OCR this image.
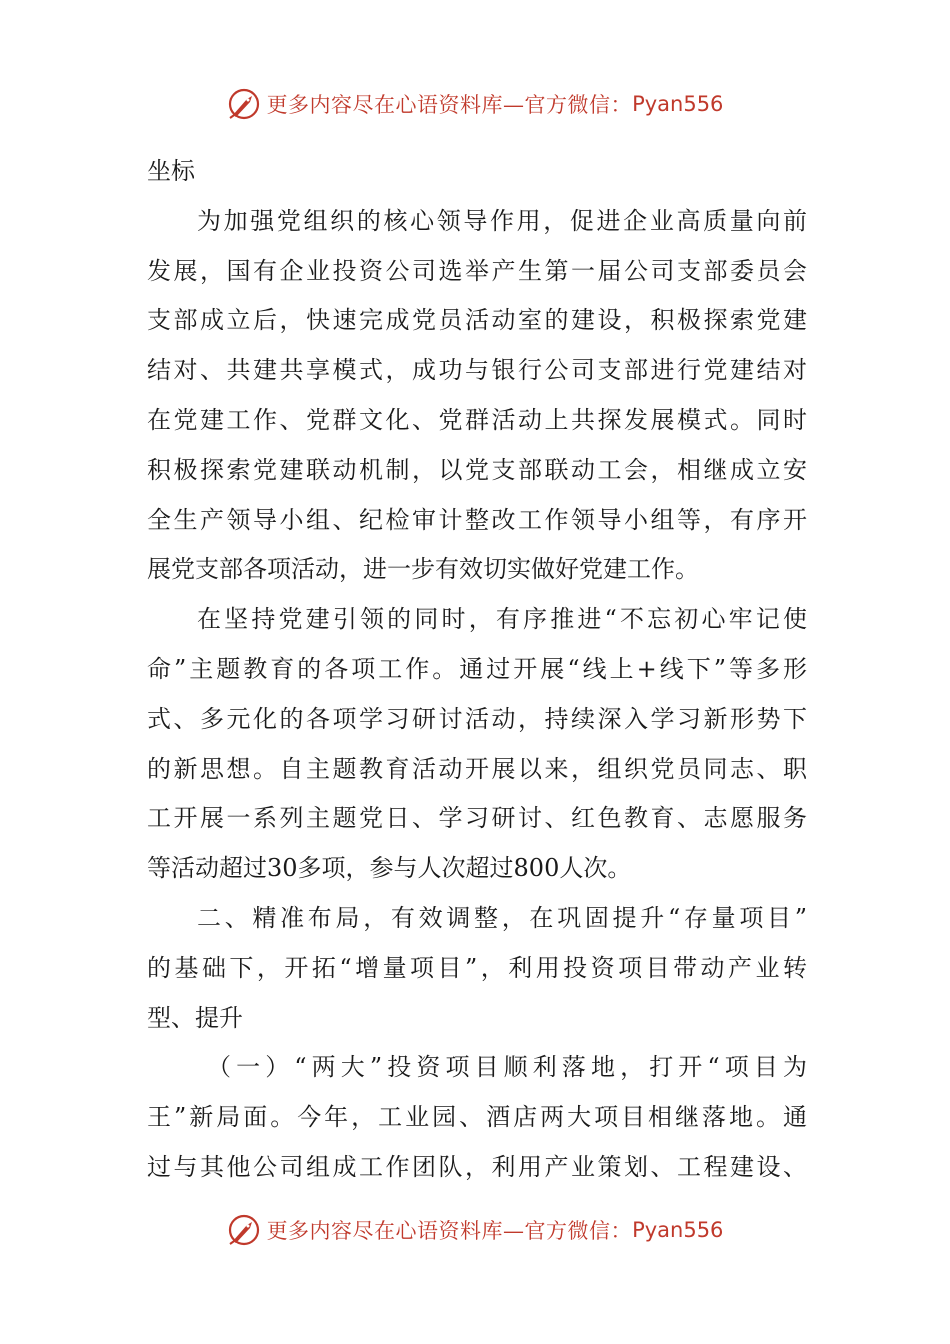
更多内容尽在心语资料库—官方微信： Pyan556
坐标
为加强党组织的核心领导作用，促进企业高质量向前
发展，国有企业投资公司选举产生第一届公司支部委员会
支部成立后，快速完成党员活动室的建设，积极探索党建
结对、共建共享模式，成功与银行公司支部进行党建结对
在党建工作、党群文化、党群活动上共探发展模式。同时
积极探索党建联动机制，以党支部联动工会，相继成立安
全生产领导小组、纪检审计整改工作领导小组等，有序开
展党支部各项活动，进一步有效切实做好党建工作。
在坚持党建引领的同时，有序推进“不忘初心牢记使
命”主题教育的各项工作。通过开展“线上+线下”等多形
式、多元化的各项学习研讨活动，持续深入学习新形势下
的新思想。自主题教育活动开展以来，组织党员同志、职
工开展一系列主题党日、学习研讨、红色教育、志愿服务
等活动超过30多项，参与人次超过800人次。
二、精准布局，有效调整，在巩固提升“存量项目”
的基础下，开拓“增量项目”，利用投资项目带动产业转
型、提升
（一）“两大”投资项目顺利落地，打开“项目为
王”新局面。今年，工业园、酒店两大项目相继落地。通
过与其他公司组成工作团队，利用产业策划、工程建设、
更多内容尽在心语资料库—官方微信： Pyan556
